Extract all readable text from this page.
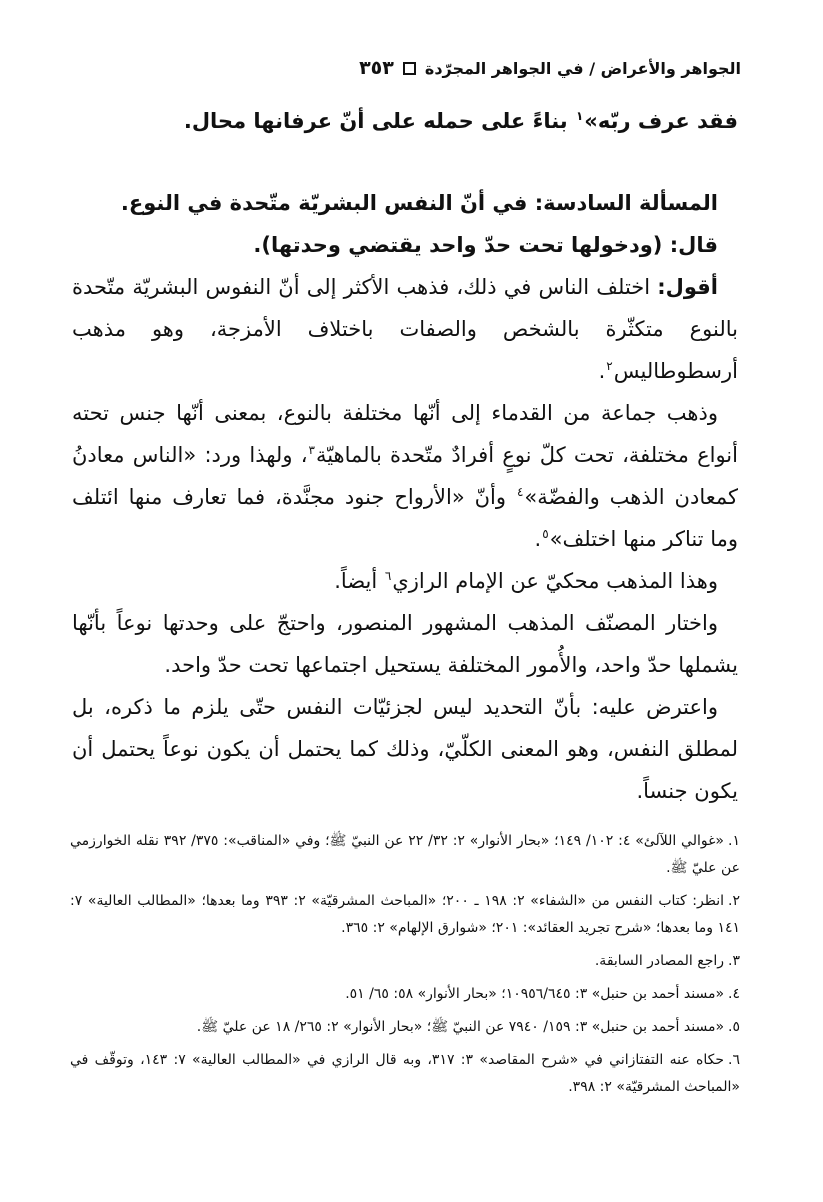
الجواهر والأعراض / في الجواهر المجرّدة
٣٥٣

فقد عرف ربّه»$^١$ بناءً على حمله على أنّ عرفانها محال.

المسألة السادسة: في أنّ النفس البشريّة متّحدة في النوع.

قال: (ودخولها تحت حدّ واحد يقتضي وحدتها).

أقول: اختلف الناس في ذلك، فذهب الأكثر إلى أنّ النفوس البشريّة متّحدة بالنوع متكثّرة بالشخص والصفات باختلاف الأمزجة، وهو مذهب أرسطوطاليس$^٢$.

وذهب جماعة من القدماء إلى أنّها مختلفة بالنوع، بمعنى أنّها جنس تحته أنواع مختلفة، تحت كلّ نوعٍ أفرادٌ متّحدة بالماهيّة$^٣$، ولهذا ورد: «الناس معادنُ كمعادن الذهب والفضّة»$^٤$ وأنّ «الأرواح جنود مجنَّدة، فما تعارف منها ائتلف وما تناكر منها اختلف»$^٥$.

وهذا المذهب محكيّ عن الإمام الرازي$^٦$ أيضاً.

واختار المصنّف المذهب المشهور المنصور، واحتجّ على وحدتها نوعاً بأنّها يشملها حدّ واحد، والأُمور المختلفة يستحيل اجتماعها تحت حدّ واحد.

واعترض عليه: بأنّ التحديد ليس لجزئيّات النفس حتّى يلزم ما ذكره، بل لمطلق النفس، وهو المعنى الكلّيّ، وذلك كما يحتمل أن يكون نوعاً يحتمل أن يكون جنساً.

١.«غوالي اللآلئ» ٤: ١٠٢/ ١٤٩؛ «بحار الأنوار» ٢: ٣٢/ ٢٢ عن النبيّ ﷺ؛ وفي «المناقب»: ٣٧٥/ ٣٩٢ نقله الخوارزمي عن عليّ ﷺ.
٢.انظر: كتاب النفس من «الشفاء» ٢: ١٩٨ ـ ٢٠٠؛ «المباحث المشرقيّة» ٢: ٣٩٣ وما بعدها؛ «المطالب العالية» ٧: ١٤١ وما بعدها؛ «شرح تجريد العقائد»: ٢٠١؛ «شوارق الإلهام» ٢: ٣٦٥.
٣.راجع المصادر السابقة.
٤.«مسند أحمد بن حنبل» ٣: ١٠٩٥٦/٦٤٥؛ «بحار الأنوار» ٥٨: ٦٥/ ٥١.
٥.«مسند أحمد بن حنبل» ٣: ١٥٩/ ٧٩٤٠ عن النبيّ ﷺ؛ «بحار الأنوار» ٢: ٢٦٥/ ١٨ عن عليّ ﷺ.
٦.حكاه عنه التفتازاني في «شرح المقاصد» ٣: ٣١٧، وبه قال الرازي في «المطالب العالية» ٧: ١٤٣، وتوقّف في «المباحث المشرقيّة» ٢: ٣٩٨.
